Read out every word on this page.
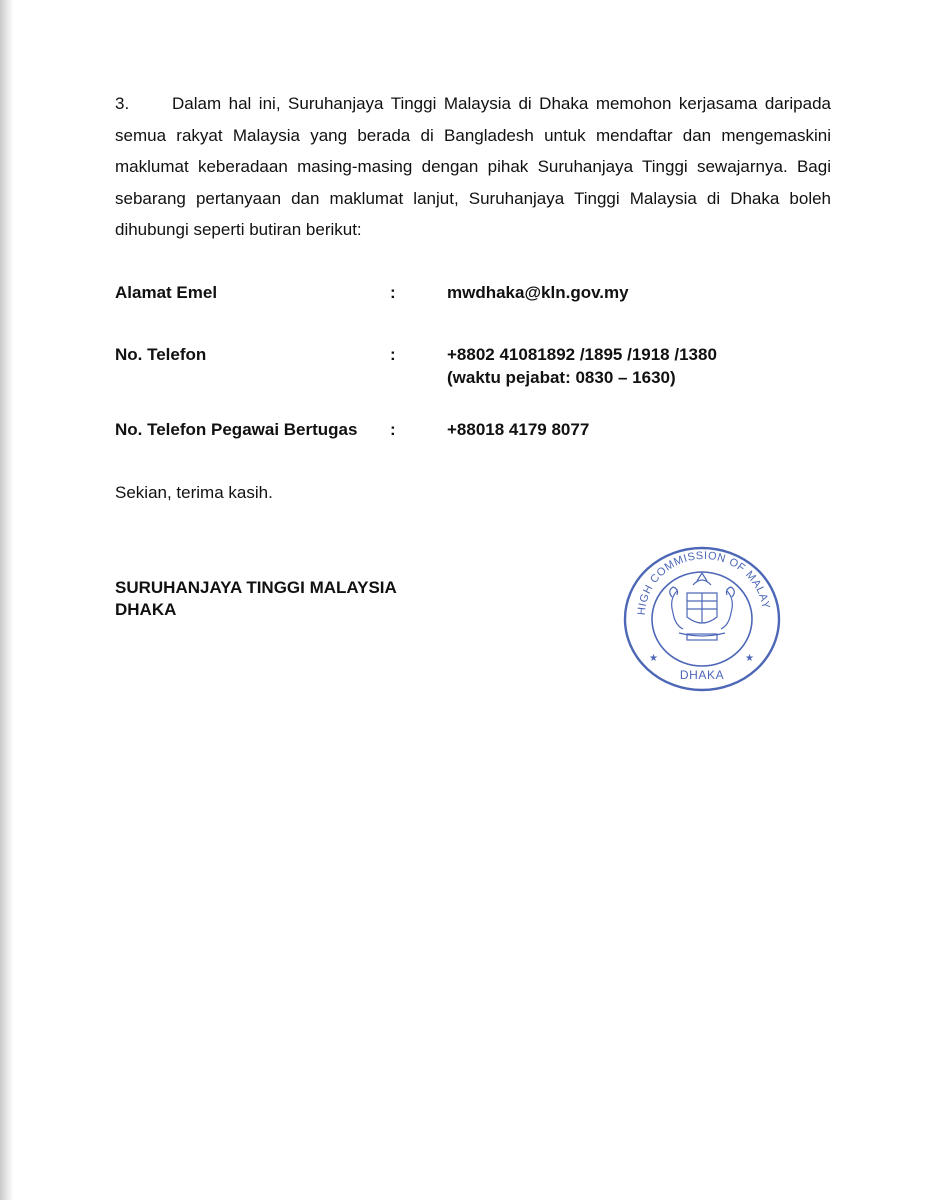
3.	Dalam hal ini, Suruhanjaya Tinggi Malaysia di Dhaka memohon kerjasama daripada semua rakyat Malaysia yang berada di Bangladesh untuk mendaftar dan mengemaskini maklumat keberadaan masing-masing dengan pihak Suruhanjaya Tinggi sewajarnya. Bagi sebarang pertanyaan dan maklumat lanjut, Suruhanjaya Tinggi Malaysia di Dhaka boleh dihubungi seperti butiran berikut:

Alamat Emel	:	mwdhaka@kln.gov.my
No. Telefon	:	+8802 41081892 /1895 /1918 /1380
(waktu pejabat: 0830 – 1630)
No. Telefon Pegawai Bertugas :	+88018 4179 8077
Sekian, terima kasih.
SURUHANJAYA TINGGI MALAYSIA
DHAKA	HIGH COMMISSION OF MALAY
DHAKA
★	★
